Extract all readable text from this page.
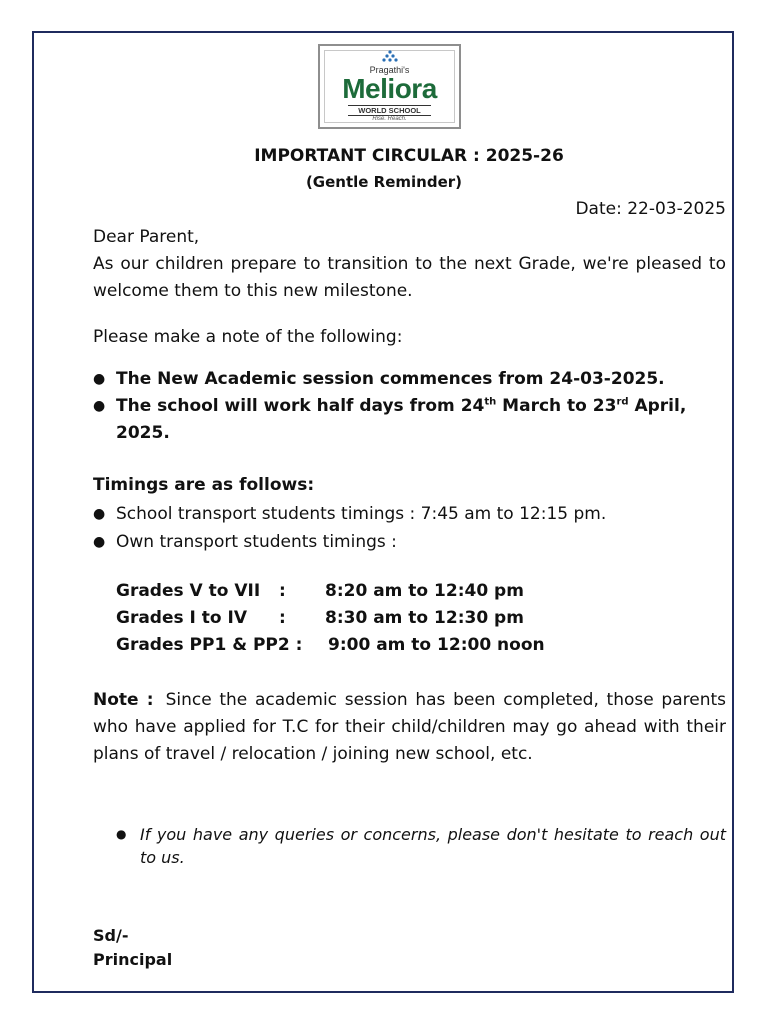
Pragathi's
Meliora
WORLD SCHOOL
Rise. Reach.
IMPORTANT CIRCULAR : 2025-26
(Gentle Reminder)
Date: 22-03-2025
Dear Parent,
As our children prepare to transition to the next Grade, we're pleased to welcome them to this new milestone.
Please make a note of the following:
● The New Academic session commences from 24-03-2025.
● The school will work half days from 24th March to 23rd April, 2025.
Timings are as follows:
● School transport students timings : 7:45 am to 12:15 pm.
● Own transport students timings :
Grades V to VII : 8:20 am to 12:40 pm
Grades I to IV : 8:30 am to 12:30 pm
Grades PP1 & PP2 : 9:00 am to 12:00 noon
Note : Since the academic session has been completed, those parents who have applied for T.C for their child/children may go ahead with their plans of travel / relocation / joining new school, etc.
● If you have any queries or concerns, please don't hesitate to reach out to us.
Sd/-
Principal
